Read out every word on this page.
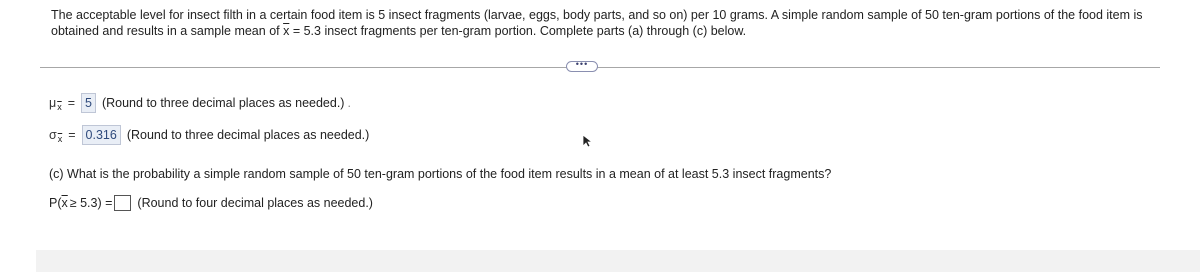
The acceptable level for insect filth in a certain food item is 5 insect fragments (larvae, eggs, body parts, and so on) per 10 grams. A simple random sample of 50 ten-gram portions of the food item is obtained and results in a sample mean of $\overline{x} = 5.3$ insect fragments per ten-gram portion. Complete parts (a) through (c) below.
•••
μ $\overline{x} = 5$ (Round to three decimal places as needed.) .
σ $\overline{x} = 0.316$ (Round to three decimal places as needed.)
(c) What is the probability a simple random sample of 50 ten-gram portions of the food item results in a mean of at least 5.3 insect fragments?
P( $\overline{x} \ge 5.3$) = (Round to four decimal places as needed.)
